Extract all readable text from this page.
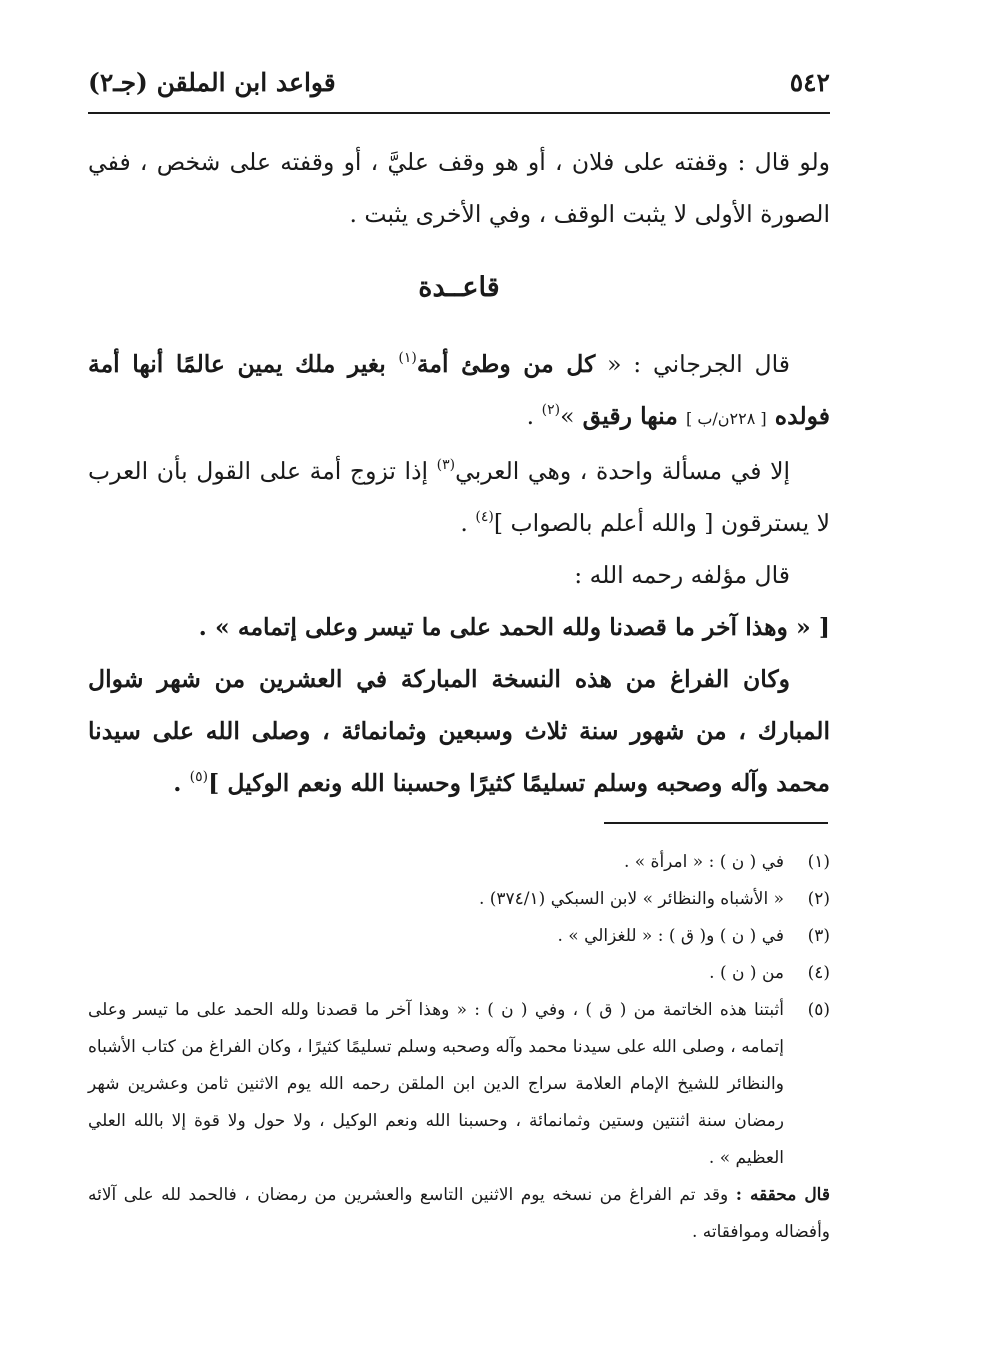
٥٤٢
قواعد ابن الملقن (جـ٢)

ولو قال : وقفته على فلان ، أو هو وقف عليَّ ، أو وقفته على شخص ، ففي الصورة الأولى لا يثبت الوقف ، وفي الأخرى يثبت .

قاعــدة

قال الجرجاني : « كل من وطئ أمة$^{(١)}$ بغير ملك يمين عالمًا أنها أمة فولده [ ٢٢٨ن/ب ] منها رقيق »$^{(٢)}$ .

إلا في مسألة واحدة ، وهي العربي$^{(٣)}$ إذا تزوج أمة على القول بأن العرب لا يسترقون [ والله أعلم بالصواب ]$^{(٤)}$ .

قال مؤلفه رحمه الله :

[ « وهذا آخر ما قصدنا ولله الحمد على ما تيسر وعلى إتمامه » .

وكان الفراغ من هذه النسخة المباركة في العشرين من شهر شوال المبارك ، من شهور سنة ثلاث وسبعين وثمانمائة ، وصلى الله على سيدنا محمد وآله وصحبه وسلم تسليمًا كثيرًا وحسبنا الله ونعم الوكيل ]$^{(٥)}$ .

(١)
في ( ن ) : « امرأة » .
(٢)
« الأشباه والنظائر » لابن السبكي (٣٧٤/١) .
(٣)
في ( ن ) و( ق ) : « للغزالي » .
(٤)
من ( ن ) .
(٥)
أثبتنا هذه الخاتمة من ( ق ) ، وفي ( ن ) : « وهذا آخر ما قصدنا ولله الحمد على ما تيسر وعلى إتمامه ، وصلى الله على سيدنا محمد وآله وصحبه وسلم تسليمًا كثيرًا ، وكان الفراغ من كتاب الأشباه والنظائر للشيخ الإمام العلامة سراج الدين ابن الملقن رحمه الله يوم الاثنين ثامن وعشرين شهر رمضان سنة اثنتين وستين وثمانمائة ، وحسبنا الله ونعم الوكيل ، ولا حول ولا قوة إلا بالله العلي العظيم » .

قال محققه : وقد تم الفراغ من نسخه يوم الاثنين التاسع والعشرين من رمضان ، فالحمد لله على آلائه وأفضاله وموافقاته .
